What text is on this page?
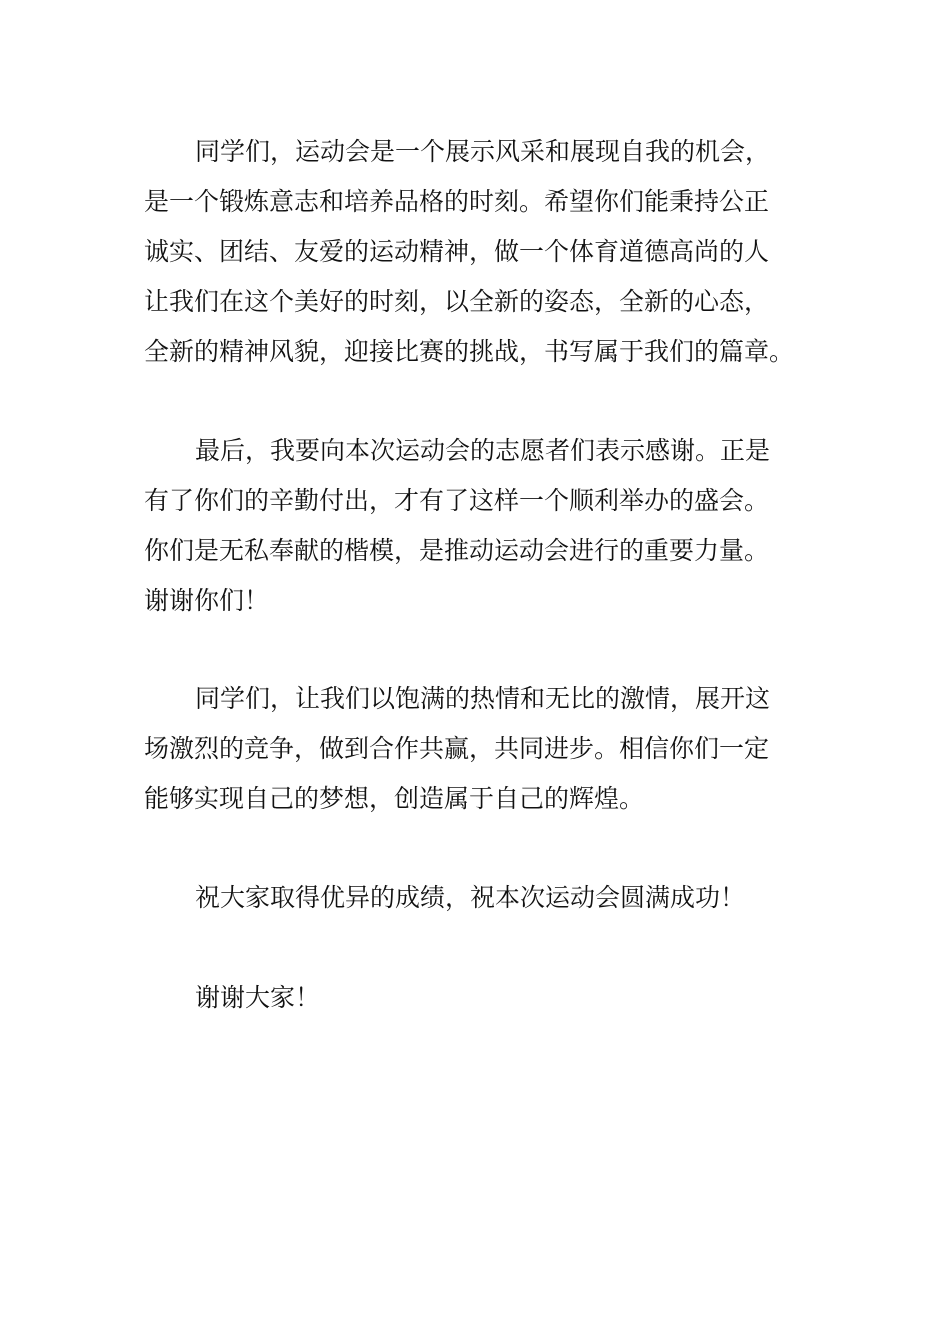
同学们，运动会是一个展示风采和展现自我的机会，
是一个锻炼意志和培养品格的时刻。希望你们能秉持公正
诚实、团结、友爱的运动精神，做一个体育道德高尚的人
让我们在这个美好的时刻，以全新的姿态，全新的心态，
全新的精神风貌，迎接比赛的挑战，书写属于我们的篇章。
最后，我要向本次运动会的志愿者们表示感谢。正是
有了你们的辛勤付出，才有了这样一个顺利举办的盛会。
你们是无私奉献的楷模，是推动运动会进行的重要力量。
谢谢你们！
同学们，让我们以饱满的热情和无比的激情，展开这
场激烈的竞争，做到合作共赢，共同进步。相信你们一定
能够实现自己的梦想，创造属于自己的辉煌。
祝大家取得优异的成绩，祝本次运动会圆满成功！
谢谢大家！
